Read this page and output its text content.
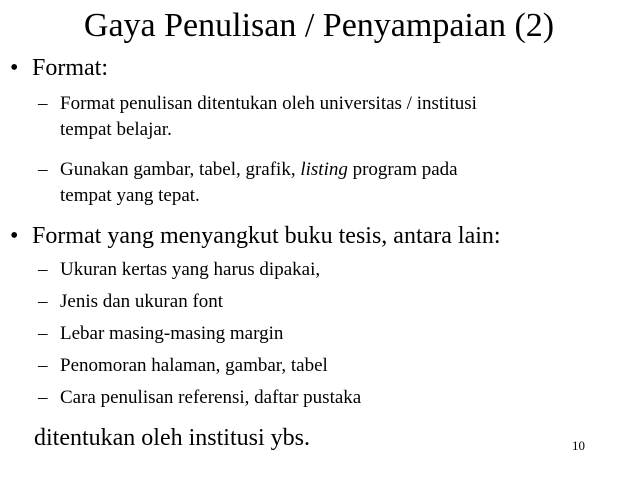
Gaya Penulisan / Penyampaian (2)
• Format:
– Format penulisan ditentukan oleh universitas / institusi
tempat belajar.
– Gunakan gambar, tabel, grafik, listing program pada
tempat yang tepat.
• Format yang menyangkut buku tesis, antara lain:
– Ukuran kertas yang harus dipakai,
– Jenis dan ukuran font
– Lebar masing-masing margin
– Penomoran halaman, gambar, tabel
– Cara penulisan referensi, daftar pustaka
ditentukan oleh institusi ybs.	10
